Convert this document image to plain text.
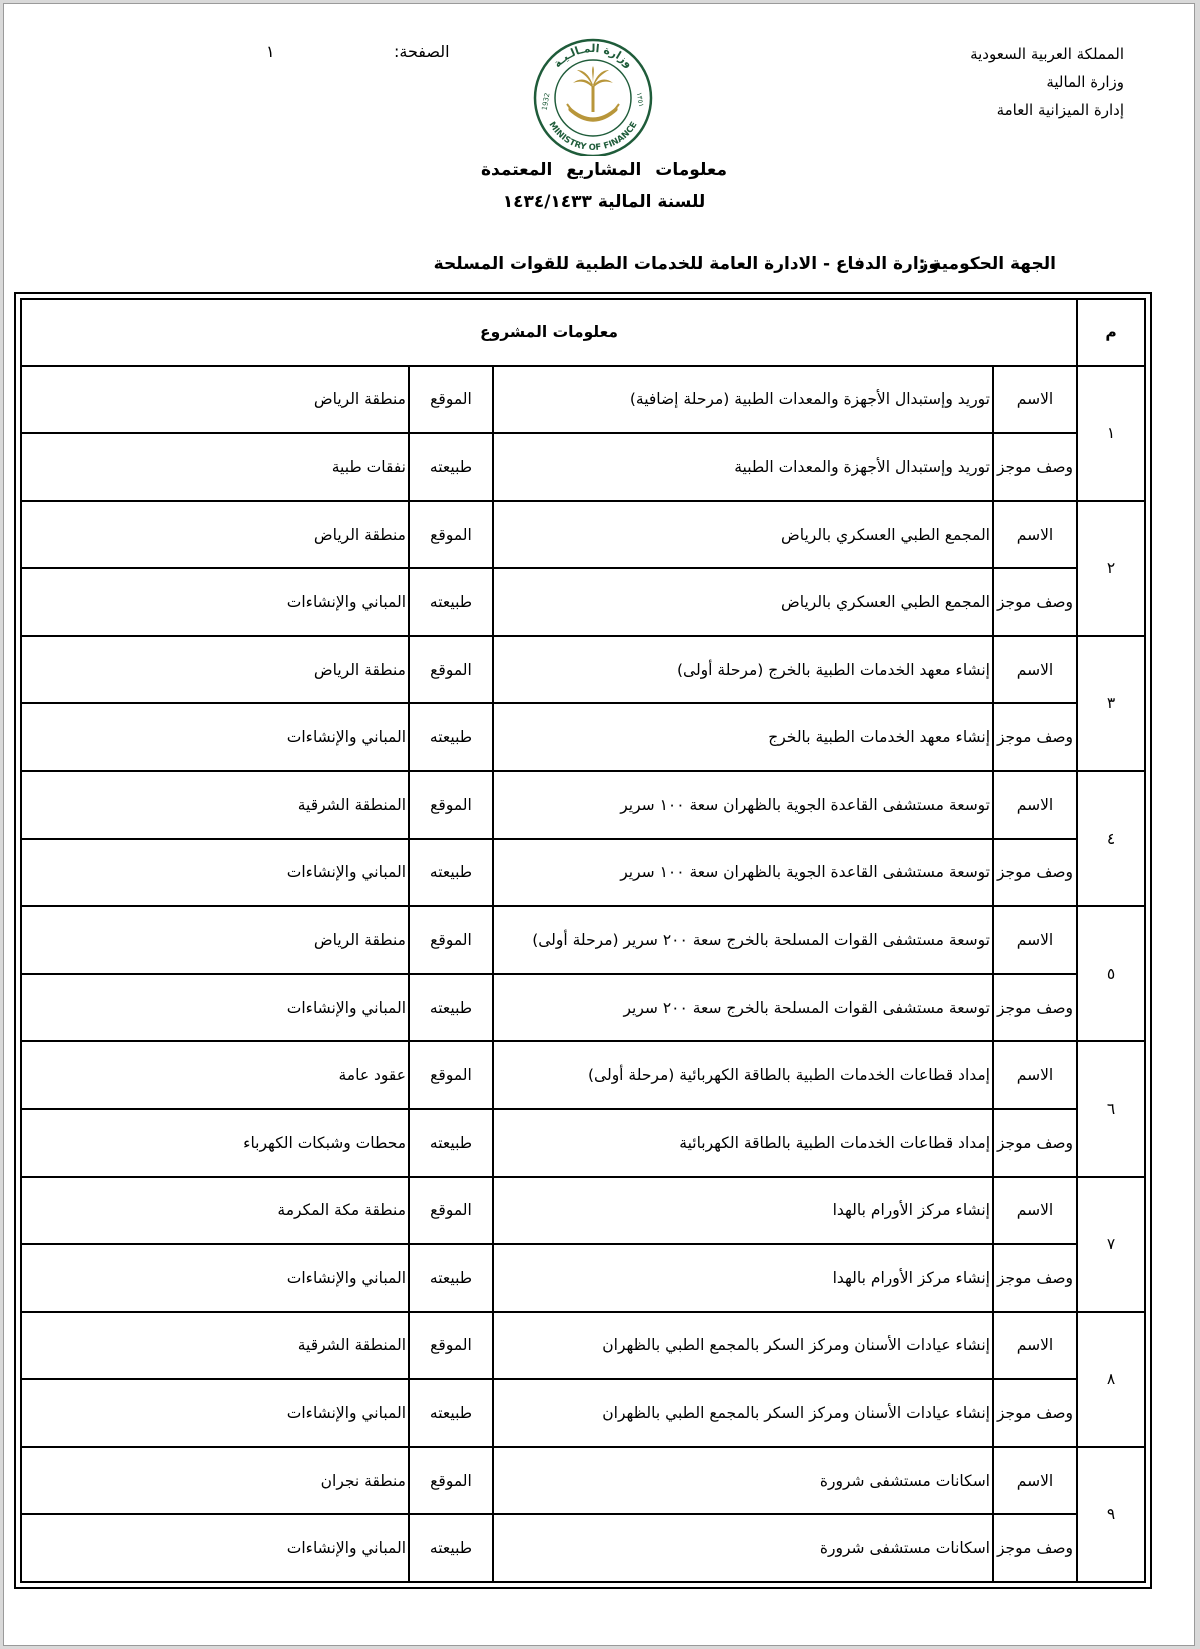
المملكة العربية السعودية
وزارة المالية
إدارة الميزانية العامة
الصفحة:
١
وزارة المـالـيـة
MINISTRY OF FINANCE
1932	١٣٥١
معلومات المشاريع المعتمدة
للسنة المالية ١٤٣٤/١٤٣٣
الجهة الحكومية :
وزارة الدفاع - الادارة العامة للخدمات الطبية للقوات المسلحة
م	معلومات المشروع			
١	الاسم	توريد وإستبدال الأجهزة والمعدات الطبية (مرحلة إضافية)	الموقع	منطقة الرياض
	وصف موجز	توريد وإستبدال الأجهزة والمعدات الطبية	طبيعته	نفقات طبية
٢	الاسم	المجمع الطبي العسكري بالرياض	الموقع	منطقة الرياض
	وصف موجز	المجمع الطبي العسكري بالرياض	طبيعته	المباني والإنشاءات
٣	الاسم	إنشاء معهد الخدمات الطبية بالخرج (مرحلة أولى)	الموقع	منطقة الرياض
	وصف موجز	إنشاء معهد الخدمات الطبية بالخرج	طبيعته	المباني والإنشاءات
٤	الاسم	توسعة مستشفى القاعدة الجوية بالظهران سعة ١٠٠ سرير	الموقع	المنطقة الشرقية
	وصف موجز	توسعة مستشفى القاعدة الجوية بالظهران سعة ١٠٠ سرير	طبيعته	المباني والإنشاءات
٥	الاسم	توسعة مستشفى القوات المسلحة بالخرج سعة ٢٠٠ سرير (مرحلة أولى)	الموقع	منطقة الرياض
	وصف موجز	توسعة مستشفى القوات المسلحة بالخرج سعة ٢٠٠ سرير	طبيعته	المباني والإنشاءات
٦	الاسم	إمداد قطاعات الخدمات الطبية بالطاقة الكهربائية (مرحلة أولى)	الموقع	عقود عامة
	وصف موجز	إمداد قطاعات الخدمات الطبية بالطاقة الكهربائية	طبيعته	محطات وشبكات الكهرباء
٧	الاسم	إنشاء مركز الأورام بالهدا	الموقع	منطقة مكة المكرمة
	وصف موجز	إنشاء مركز الأورام بالهدا	طبيعته	المباني والإنشاءات
٨	الاسم	إنشاء عيادات الأسنان ومركز السكر بالمجمع الطبي بالظهران	الموقع	المنطقة الشرقية
	وصف موجز	إنشاء عيادات الأسنان ومركز السكر بالمجمع الطبي بالظهران	طبيعته	المباني والإنشاءات
٩	الاسم	اسكانات مستشفى شرورة	الموقع	منطقة نجران
	وصف موجز	اسكانات مستشفى شرورة	طبيعته	المباني والإنشاءات
